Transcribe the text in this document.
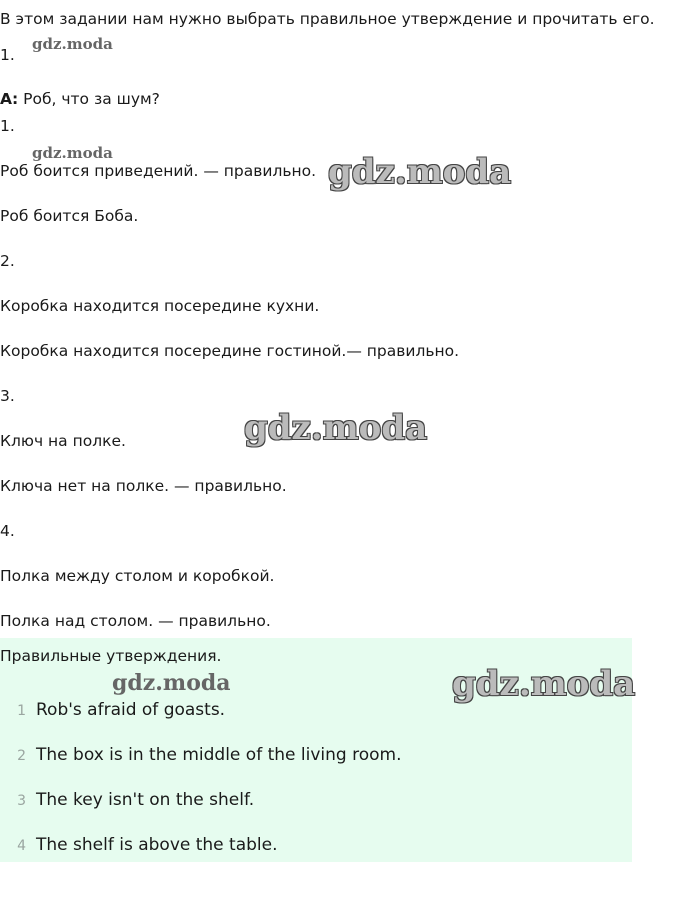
В этом задании нам нужно выбрать правильное утверждение и прочитать его.
1.
gdz.moda
А: Роб, что за шум?
1.
gdz.moda
Роб боится приведений. — правильно. gdz.moda
Роб боится Боба.
2.
Коробка находится посередине кухни.
Коробка находится посередине гостиной.— правильно.
3.
Ключ на полке.	gdz.moda
Ключа нет на полке. — правильно.
4.
Полка между столом и коробкой.
Полка над столом. — правильно.
Правильные утверждения.
gdz.moda	gdz.moda
1 Rob's afraid of goasts.
2 The box is in the middle of the living room.
3 The key isn't on the shelf.
4 The shelf is above the table.
